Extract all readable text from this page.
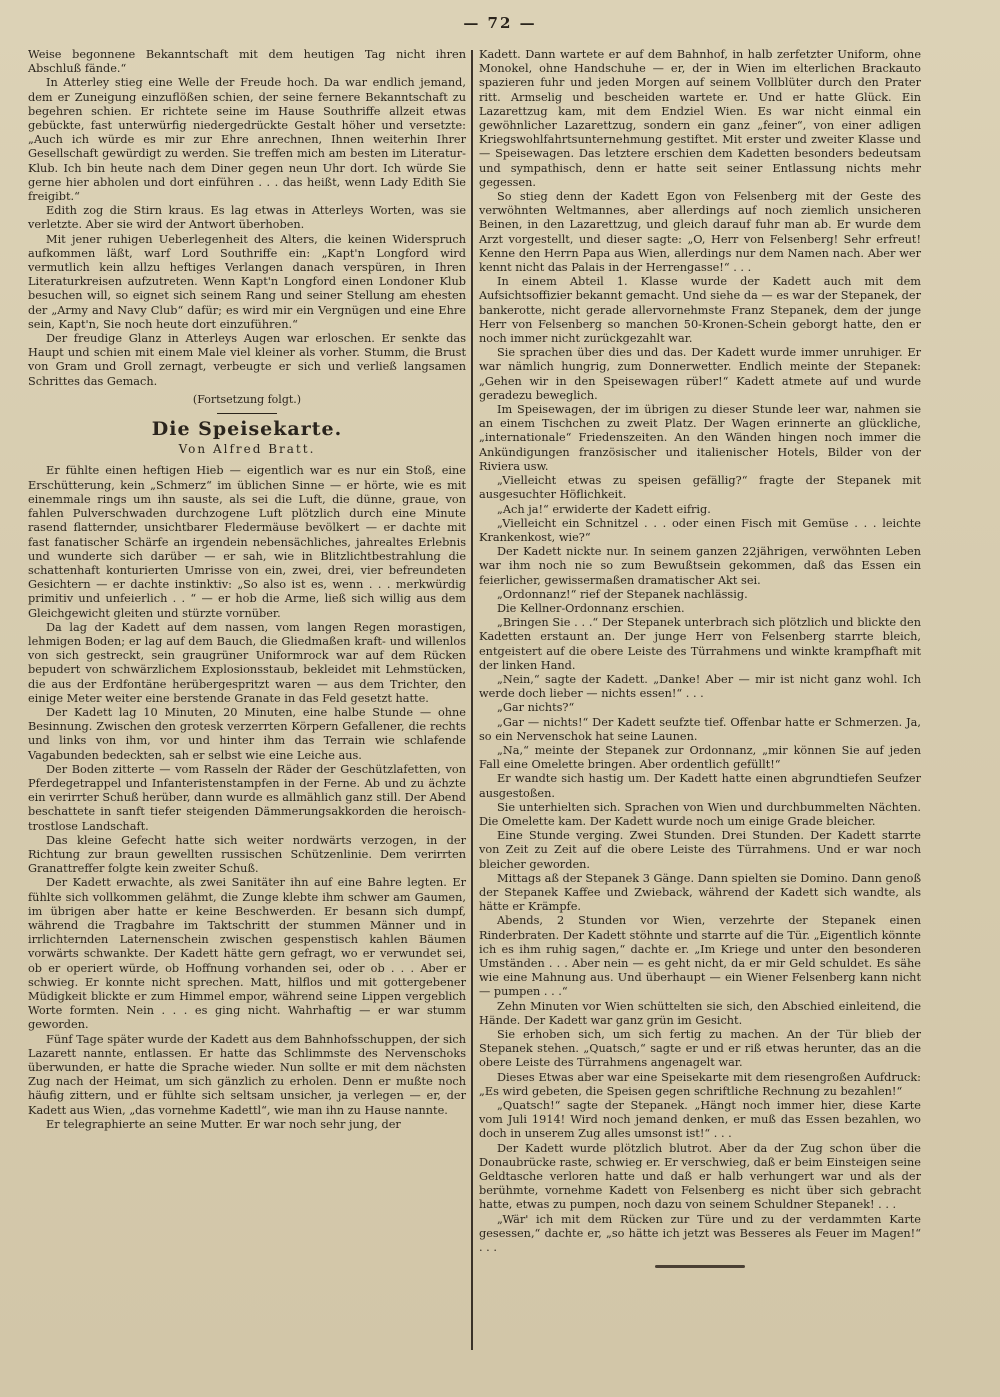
— 72 —

Weise begonnene Bekanntschaft mit dem heutigen Tag nicht ihren Abschluß fände.“

In Atterley stieg eine Welle der Freude hoch. Da war endlich jemand, dem er Zuneigung einzuflößen schien, der seine fernere Bekanntschaft zu begehren schien. Er richtete seine im Hause Southriffe allzeit etwas gebückte, fast unterwürfig niedergedrückte Gestalt höher und versetzte: „Auch ich würde es mir zur Ehre anrechnen, Ihnen weiterhin Ihrer Gesellschaft gewürdigt zu werden. Sie treffen mich am besten im Literatur-Klub. Ich bin heute nach dem Diner gegen neun Uhr dort. Ich würde Sie gerne hier abholen und dort einführen . . . das heißt, wenn Lady Edith Sie freigibt.“

Edith zog die Stirn kraus. Es lag etwas in Atterleys Worten, was sie verletzte. Aber sie wird der Antwort überhoben.

Mit jener ruhigen Ueberlegenheit des Alters, die keinen Widerspruch aufkommen läßt, warf Lord Southriffe ein: „Kapt'n Longford wird vermutlich kein allzu heftiges Verlangen danach verspüren, in Ihren Literaturkreisen aufzutreten. Wenn Kapt'n Longford einen Londoner Klub besuchen will, so eignet sich seinem Rang und seiner Stellung am ehesten der „Army and Navy Club“ dafür; es wird mir ein Vergnügen und eine Ehre sein, Kapt'n, Sie noch heute dort einzuführen.“

Der freudige Glanz in Atterleys Augen war erloschen. Er senkte das Haupt und schien mit einem Male viel kleiner als vorher. Stumm, die Brust von Gram und Groll zernagt, verbeugte er sich und verließ langsamen Schrittes das Gemach.

(Fortsetzung folgt.)
Die Speisekarte.
Von Alfred Bratt.

Er fühlte einen heftigen Hieb — eigentlich war es nur ein Stoß, eine Erschütterung, kein „Schmerz“ im üblichen Sinne — er hörte, wie es mit einemmale rings um ihn sauste, als sei die Luft, die dünne, graue, von fahlen Pulverschwaden durchzogene Luft plötzlich durch eine Minute rasend flatternder, unsichtbarer Fledermäuse bevölkert — er dachte mit fast fanatischer Schärfe an irgendein nebensächliches, jahrealtes Erlebnis und wunderte sich darüber — er sah, wie in Blitzlichtbestrahlung die schattenhaft konturierten Umrisse von ein, zwei, drei, vier befreundeten Gesichtern — er dachte instinktiv: „So also ist es, wenn . . . merkwürdig primitiv und unfeierlich . . “ — er hob die Arme, ließ sich willig aus dem Gleichgewicht gleiten und stürzte vornüber.

Da lag der Kadett auf dem nassen, vom langen Regen morastigen, lehmigen Boden; er lag auf dem Bauch, die Gliedmaßen kraft- und willenlos von sich gestreckt, sein graugrüner Uniformrock war auf dem Rücken bepudert von schwärzlichem Explosionsstaub, bekleidet mit Lehmstücken, die aus der Erdfontäne herübergespritzt waren — aus dem Trichter, den einige Meter weiter eine berstende Granate in das Feld gesetzt hatte.

Der Kadett lag 10 Minuten, 20 Minuten, eine halbe Stunde — ohne Besinnung. Zwischen den grotesk verzerrten Körpern Gefallener, die rechts und links von ihm, vor und hinter ihm das Terrain wie schlafende Vagabunden bedeckten, sah er selbst wie eine Leiche aus.

Der Boden zitterte — vom Rasseln der Räder der Geschützlafetten, von Pferdegetrappel und Infanteristenstampfen in der Ferne. Ab und zu ächzte ein verirrter Schuß herüber, dann wurde es allmählich ganz still. Der Abend beschattete in sanft tiefer steigenden Dämmerungsakkorden die heroisch-trostlose Landschaft.

Das kleine Gefecht hatte sich weiter nordwärts verzogen, in der Richtung zur braun gewellten russischen Schützenlinie. Dem verirrten Granattreffer folgte kein zweiter Schuß.

Der Kadett erwachte, als zwei Sanitäter ihn auf eine Bahre legten. Er fühlte sich vollkommen gelähmt, die Zunge klebte ihm schwer am Gaumen, im übrigen aber hatte er keine Beschwerden. Er besann sich dumpf, während die Tragbahre im Taktschritt der stummen Männer und in irrlichternden Laternenschein zwischen gespenstisch kahlen Bäumen vorwärts schwankte. Der Kadett hätte gern gefragt, wo er verwundet sei, ob er operiert würde, ob Hoffnung vorhanden sei, oder ob . . . Aber er schwieg. Er konnte nicht sprechen. Matt, hilflos und mit gottergebener Müdigkeit blickte er zum Himmel empor, während seine Lippen vergeblich Worte formten. Nein . . . es ging nicht. Wahrhaftig — er war stumm geworden.

Fünf Tage später wurde der Kadett aus dem Bahnhofsschuppen, der sich Lazarett nannte, entlassen. Er hatte das Schlimmste des Nervenschoks überwunden, er hatte die Sprache wieder. Nun sollte er mit dem nächsten Zug nach der Heimat, um sich gänzlich zu erholen. Denn er mußte noch häufig zittern, und er fühlte sich seltsam unsicher, ja verlegen — er, der Kadett aus Wien, „das vornehme Kadettl“, wie man ihn zu Hause nannte.

Er telegraphierte an seine Mutter. Er war noch sehr jung, der

Kadett. Dann wartete er auf dem Bahnhof, in halb zerfetzter Uniform, ohne Monokel, ohne Handschuhe — er, der in Wien im elterlichen Brackauto spazieren fuhr und jeden Morgen auf seinem Vollblüter durch den Prater ritt. Armselig und bescheiden wartete er. Und er hatte Glück. Ein Lazarettzug kam, mit dem Endziel Wien. Es war nicht einmal ein gewöhnlicher Lazarettzug, sondern ein ganz „feiner“, von einer adligen Kriegswohlfahrtsunternehmung gestiftet. Mit erster und zweiter Klasse und — Speisewagen. Das letztere erschien dem Kadetten besonders bedeutsam und sympathisch, denn er hatte seit seiner Entlassung nichts mehr gegessen.

So stieg denn der Kadett Egon von Felsenberg mit der Geste des verwöhnten Weltmannes, aber allerdings auf noch ziemlich unsicheren Beinen, in den Lazarettzug, und gleich darauf fuhr man ab. Er wurde dem Arzt vorgestellt, und dieser sagte: „O, Herr von Felsenberg! Sehr erfreut! Kenne den Herrn Papa aus Wien, allerdings nur dem Namen nach. Aber wer kennt nicht das Palais in der Herrengasse!“ . . .

In einem Abteil 1. Klasse wurde der Kadett auch mit dem Aufsichtsoffizier bekannt gemacht. Und siehe da — es war der Stepanek, der bankerotte, nicht gerade allervornehmste Franz Stepanek, dem der junge Herr von Felsenberg so manchen 50-Kronen-Schein geborgt hatte, den er noch immer nicht zurückgezahlt war.

Sie sprachen über dies und das. Der Kadett wurde immer unruhiger. Er war nämlich hungrig, zum Donnerwetter. Endlich meinte der Stepanek: „Gehen wir in den Speisewagen rüber!“ Kadett atmete auf und wurde geradezu beweglich.

Im Speisewagen, der im übrigen zu dieser Stunde leer war, nahmen sie an einem Tischchen zu zweit Platz. Der Wagen erinnerte an glückliche, „internationale“ Friedenszeiten. An den Wänden hingen noch immer die Ankündigungen französischer und italienischer Hotels, Bilder von der Riviera usw.

„Vielleicht etwas zu speisen gefällig?“ fragte der Stepanek mit ausgesuchter Höflichkeit.

„Ach ja!“ erwiderte der Kadett eifrig.

„Vielleicht ein Schnitzel . . . oder einen Fisch mit Gemüse . . . leichte Krankenkost, wie?“

Der Kadett nickte nur. In seinem ganzen 22jährigen, verwöhnten Leben war ihm noch nie so zum Bewußtsein gekommen, daß das Essen ein feierlicher, gewissermaßen dramatischer Akt sei.

„Ordonnanz!“ rief der Stepanek nachlässig.

Die Kellner-Ordonnanz erschien.

„Bringen Sie . . .“ Der Stepanek unterbrach sich plötzlich und blickte den Kadetten erstaunt an. Der junge Herr von Felsenberg starrte bleich, entgeistert auf die obere Leiste des Türrahmens und winkte krampfhaft mit der linken Hand.

„Nein,“ sagte der Kadett. „Danke! Aber — mir ist nicht ganz wohl. Ich werde doch lieber — nichts essen!“ . . .

„Gar nichts?“

„Gar — nichts!“ Der Kadett seufzte tief. Offenbar hatte er Schmerzen. Ja, so ein Nervenschok hat seine Launen.

„Na,“ meinte der Stepanek zur Ordonnanz, „mir können Sie auf jeden Fall eine Omelette bringen. Aber ordentlich gefüllt!“

Er wandte sich hastig um. Der Kadett hatte einen abgrundtiefen Seufzer ausgestoßen.

Sie unterhielten sich. Sprachen von Wien und durchbummelten Nächten. Die Omelette kam. Der Kadett wurde noch um einige Grade bleicher.

Eine Stunde verging. Zwei Stunden. Drei Stunden. Der Kadett starrte von Zeit zu Zeit auf die obere Leiste des Türrahmens. Und er war noch bleicher geworden.

Mittags aß der Stepanek 3 Gänge. Dann spielten sie Domino. Dann genoß der Stepanek Kaffee und Zwieback, während der Kadett sich wandte, als hätte er Krämpfe.

Abends, 2 Stunden vor Wien, verzehrte der Stepanek einen Rinderbraten. Der Kadett stöhnte und starrte auf die Tür. „Eigentlich könnte ich es ihm ruhig sagen,“ dachte er. „Im Kriege und unter den besonderen Umständen . . . Aber nein — es geht nicht, da er mir Geld schuldet. Es sähe wie eine Mahnung aus. Und überhaupt — ein Wiener Felsenberg kann nicht — pumpen . . .“

Zehn Minuten vor Wien schüttelten sie sich, den Abschied einleitend, die Hände. Der Kadett war ganz grün im Gesicht.

Sie erhoben sich, um sich fertig zu machen. An der Tür blieb der Stepanek stehen. „Quatsch,“ sagte er und er riß etwas herunter, das an die obere Leiste des Türrahmens angenagelt war.

Dieses Etwas aber war eine Speisekarte mit dem riesengroßen Aufdruck: „Es wird gebeten, die Speisen gegen schriftliche Rechnung zu bezahlen!“

„Quatsch!“ sagte der Stepanek. „Hängt noch immer hier, diese Karte vom Juli 1914! Wird noch jemand denken, er muß das Essen bezahlen, wo doch in unserem Zug alles umsonst ist!“ . . .

Der Kadett wurde plötzlich blutrot. Aber da der Zug schon über die Donaubrücke raste, schwieg er. Er verschwieg, daß er beim Einsteigen seine Geldtasche verloren hatte und daß er halb verhungert war und als der berühmte, vornehme Kadett von Felsenberg es nicht über sich gebracht hatte, etwas zu pumpen, noch dazu von seinem Schuldner Stepanek! . . .

„Wär' ich mit dem Rücken zur Türe und zu der verdammten Karte gesessen,“ dachte er, „so hätte ich jetzt was Besseres als Feuer im Magen!“ . . .
